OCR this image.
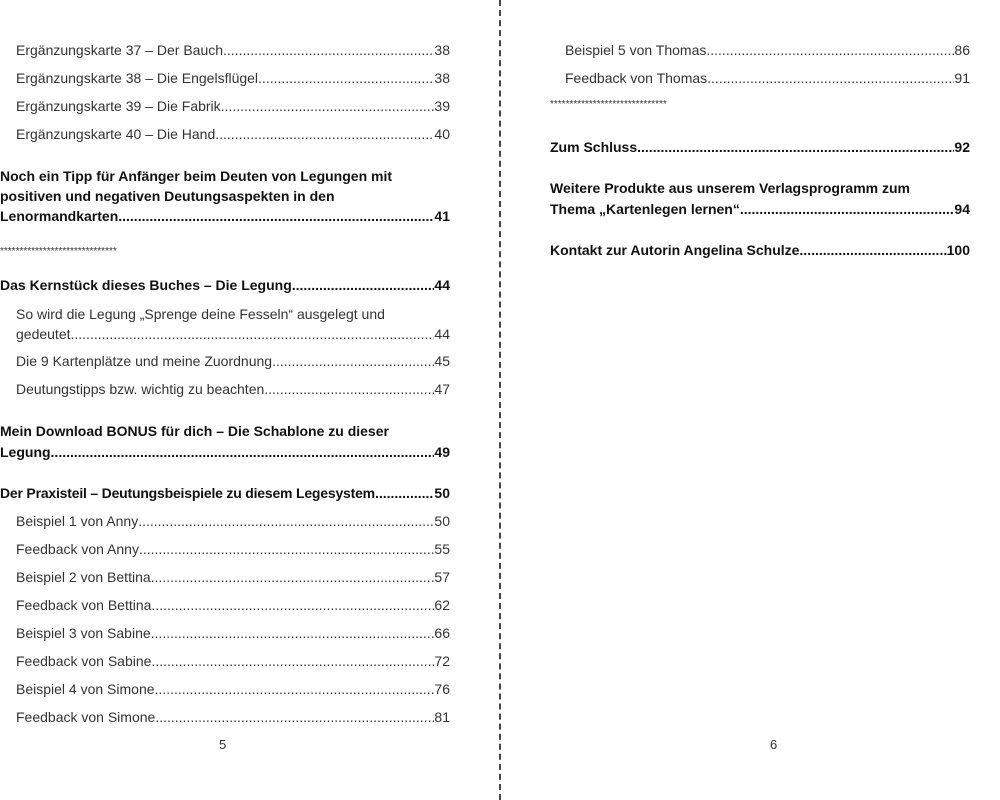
Ergänzungskarte 37 – Der Bauch .....	38
Ergänzungskarte 38 – Die Engelsflügel .....	38
Ergänzungskarte 39 – Die Fabrik .....	39
Ergänzungskarte 40 – Die Hand .....	40
Noch ein Tipp für Anfänger beim Deuten von Legungen mit
positiven und negativen Deutungsaspekten in den
Lenormandkarten .....	41
******************************
Das Kernstück dieses Buches – Die Legung .....	44
So wird die Legung „Sprenge deine Fesseln“ ausgelegt und
gedeutet .....	44
Die 9 Kartenplätze und meine Zuordnung .....	45
Deutungstipps bzw. wichtig zu beachten .....	47
Mein Download BONUS für dich – Die Schablone zu dieser
Legung .....	49
Der Praxisteil – Deutungsbeispiele zu diesem Legesystem .....	50
Beispiel 1 von Anny .....	50
Feedback von Anny .....	55
Beispiel 2 von Bettina .....	57
Feedback von Bettina .....	62
Beispiel 3 von Sabine .....	66
Feedback von Sabine .....	72
Beispiel 4 von Simone .....	76
Feedback von Simone .....	81
5
Beispiel 5 von Thomas .....	86
Feedback von Thomas .....	91
******************************
Zum Schluss .....	92
Weitere Produkte aus unserem Verlagsprogramm zum
Thema „Kartenlegen lernen“ .....	94
Kontakt zur Autorin Angelina Schulze .....	100
6
